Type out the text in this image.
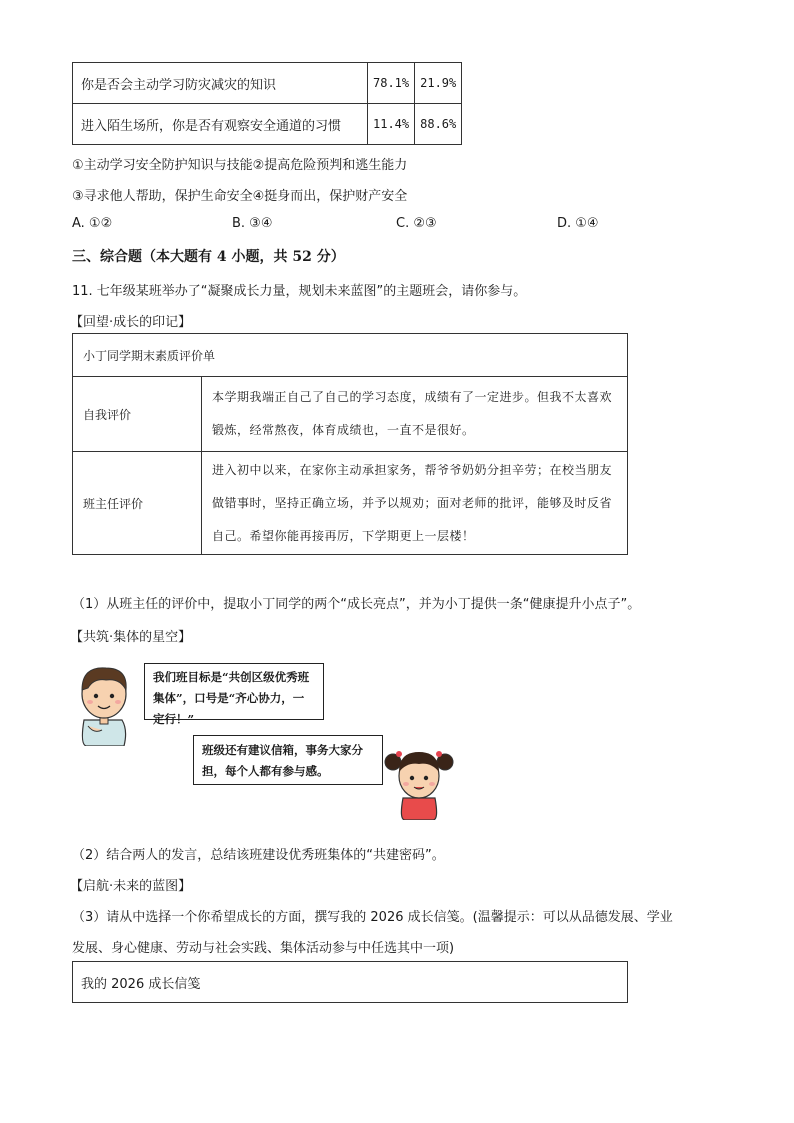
你是否会主动学习防灾减灾的知识	78.1%	21.9%
进入陌生场所，你是否有观察安全通道的习惯	11.4%	88.6%
①主动学习安全防护知识与技能②提高危险预判和逃生能力
③寻求他人帮助，保护生命安全④挺身而出，保护财产安全
A. ①②	B. ③④	C. ②③	D. ①④
三、综合题（本大题有 4 小题，共 52 分）
11. 七年级某班举办了“凝聚成长力量，规划未来蓝图”的主题班会，请你参与。
【回望·成长的印记】
小丁同学期末素质评价单	
自我评价	本学期我端正自己了自己的学习态度，成绩有了一定进步。但我不太喜欢锻炼，经常熬夜，体育成绩也，一直不是很好。
班主任评价	进入初中以来，在家你主动承担家务，帮爷爷奶奶分担辛劳；在校当朋友做错事时，坚持正确立场，并予以规劝；面对老师的批评，能够及时反省自己。希望你能再接再厉，下学期更上一层楼！
（1）从班主任的评价中，提取小丁同学的两个“成长亮点”，并为小丁提供一条“健康提升小点子”。
【共筑·集体的星空】
我们班目标是“共创区级优秀班集体”，口号是“齐心协力，一定行！”
班级还有建议信箱，事务大家分担，每个人都有参与感。
（2）结合两人的发言，总结该班建设优秀班集体的“共建密码”。
【启航·未来的蓝图】
（3）请从中选择一个你希望成长的方面，撰写我的 2026 成长信笺。(温馨提示：可以从品德发展、学业
发展、身心健康、劳动与社会实践、集体活动参与中任选其中一项)
我的 2026 成长信笺
